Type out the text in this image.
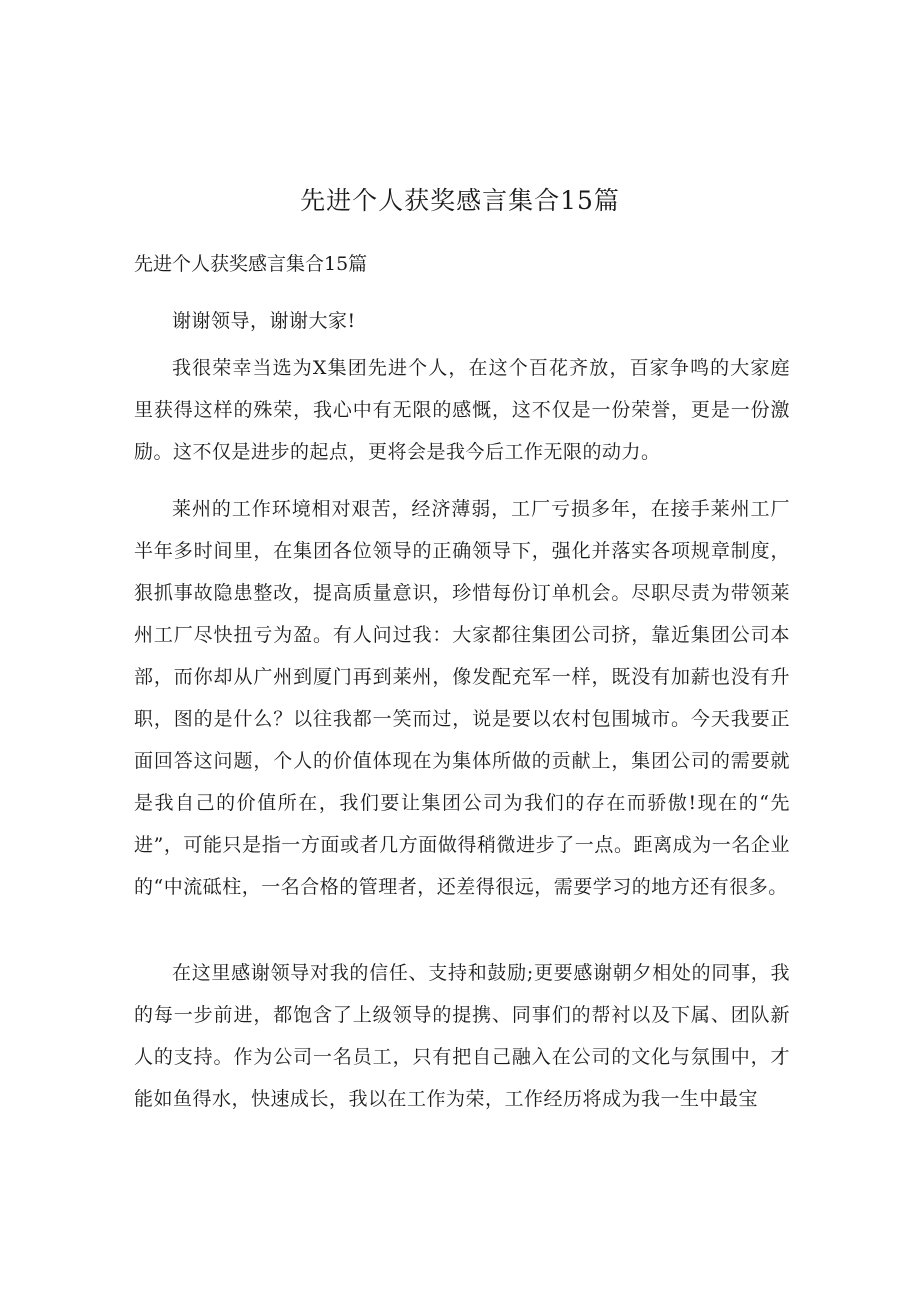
先进个人获奖感言集合15篇

先进个人获奖感言集合15篇

谢谢领导，谢谢大家!

我很荣幸当选为X集团先进个人，在这个百花齐放，百家争鸣的大家庭里获得这样的殊荣，我心中有无限的感慨，这不仅是一份荣誉，更是一份激励。这不仅是进步的起点，更将会是我今后工作无限的动力。

莱州的工作环境相对艰苦，经济薄弱，工厂亏损多年，在接手莱州工厂半年多时间里，在集团各位领导的正确领导下，强化并落实各项规章制度，狠抓事故隐患整改，提高质量意识，珍惜每份订单机会。尽职尽责为带领莱州工厂尽快扭亏为盈。有人问过我：大家都往集团公司挤，靠近集团公司本部，而你却从广州到厦门再到莱州，像发配充军一样，既没有加薪也没有升职，图的是什么？以往我都一笑而过，说是要以农村包围城市。今天我要正面回答这问题，个人的价值体现在为集体所做的贡献上，集团公司的需要就是我自己的价值所在，我们要让集团公司为我们的存在而骄傲!现在的“先进”，可能只是指一方面或者几方面做得稍微进步了一点。距离成为一名企业的“中流砥柱，一名合格的管理者，还差得很远，需要学习的地方还有很多。

在这里感谢领导对我的信任、支持和鼓励;更要感谢朝夕相处的同事，我的每一步前进，都饱含了上级领导的提携、同事们的帮衬以及下属、团队新人的支持。作为公司一名员工，只有把自己融入在公司的文化与氛围中，才能如鱼得水，快速成长，我以在工作为荣，工作经历将成为我一生中最宝
